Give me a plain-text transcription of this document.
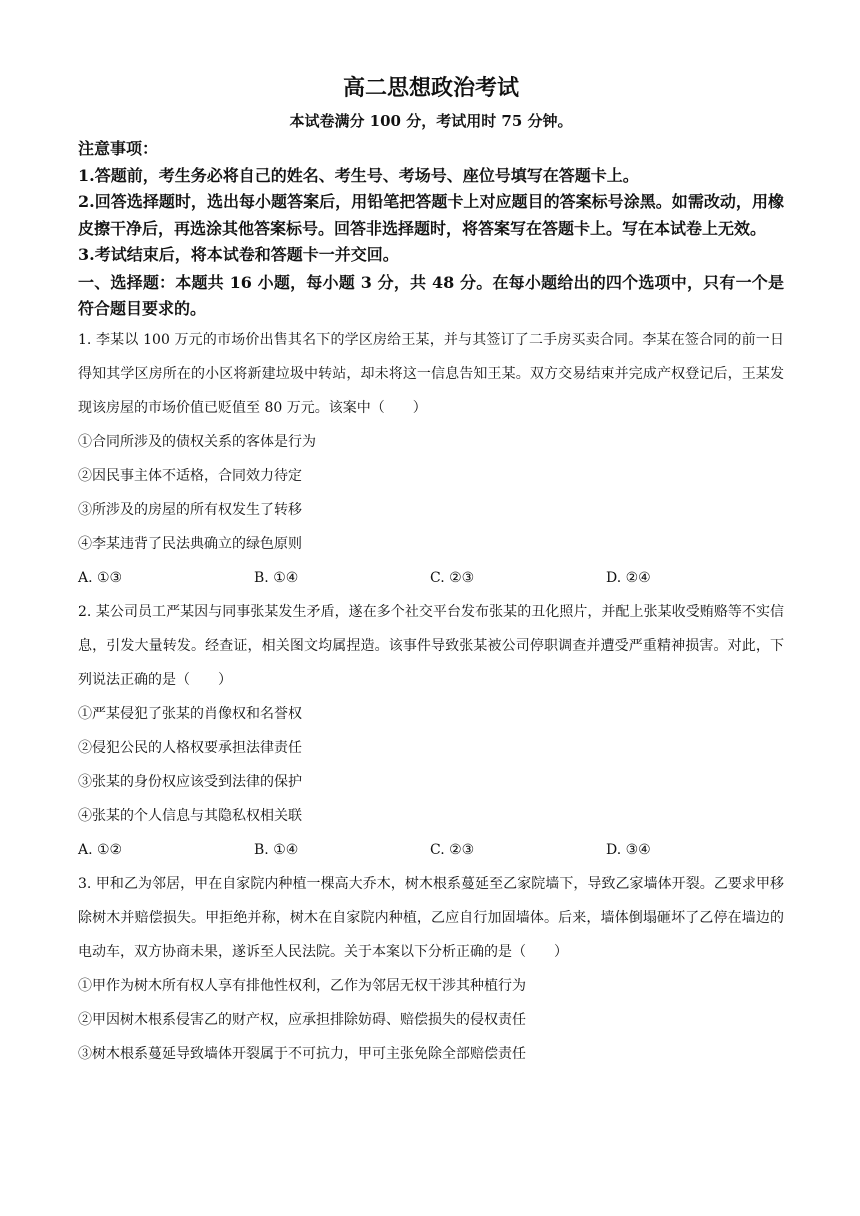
高二思想政治考试

本试卷满分 100 分，考试用时 75 分钟。

注意事项：

1.答题前，考生务必将自己的姓名、考生号、考场号、座位号填写在答题卡上。

2.回答选择题时，选出每小题答案后，用铅笔把答题卡上对应题目的答案标号涂黑。如需改动，用橡皮擦干净后，再选涂其他答案标号。回答非选择题时，将答案写在答题卡上。写在本试卷上无效。

3.考试结束后，将本试卷和答题卡一并交回。

一、选择题：本题共 16 小题，每小题 3 分，共 48 分。在每小题给出的四个选项中，只有一个是符合题目要求的。

1. 李某以 100 万元的市场价出售其名下的学区房给王某，并与其签订了二手房买卖合同。李某在签合同的前一日得知其学区房所在的小区将新建垃圾中转站，却未将这一信息告知王某。双方交易结束并完成产权登记后，王某发现该房屋的市场价值已贬值至 80 万元。该案中（　　）

①合同所涉及的债权关系的客体是行为

②因民事主体不适格，合同效力待定

③所涉及的房屋的所有权发生了转移

④李某违背了民法典确立的绿色原则

A. ①③	B. ①④	C. ②③	D. ②④

2. 某公司员工严某因与同事张某发生矛盾，遂在多个社交平台发布张某的丑化照片，并配上张某收受贿赂等不实信息，引发大量转发。经查证，相关图文均属捏造。该事件导致张某被公司停职调查并遭受严重精神损害。对此，下列说法正确的是（　　）

①严某侵犯了张某的肖像权和名誉权

②侵犯公民的人格权要承担法律责任

③张某的身份权应该受到法律的保护

④张某的个人信息与其隐私权相关联

A. ①②	B. ①④	C. ②③	D. ③④

3. 甲和乙为邻居，甲在自家院内种植一棵高大乔木，树木根系蔓延至乙家院墙下，导致乙家墙体开裂。乙要求甲移除树木并赔偿损失。甲拒绝并称，树木在自家院内种植，乙应自行加固墙体。后来，墙体倒塌砸坏了乙停在墙边的电动车，双方协商未果，遂诉至人民法院。关于本案以下分析正确的是（　　）

①甲作为树木所有权人享有排他性权利，乙作为邻居无权干涉其种植行为

②甲因树木根系侵害乙的财产权，应承担排除妨碍、赔偿损失的侵权责任

③树木根系蔓延导致墙体开裂属于不可抗力，甲可主张免除全部赔偿责任
